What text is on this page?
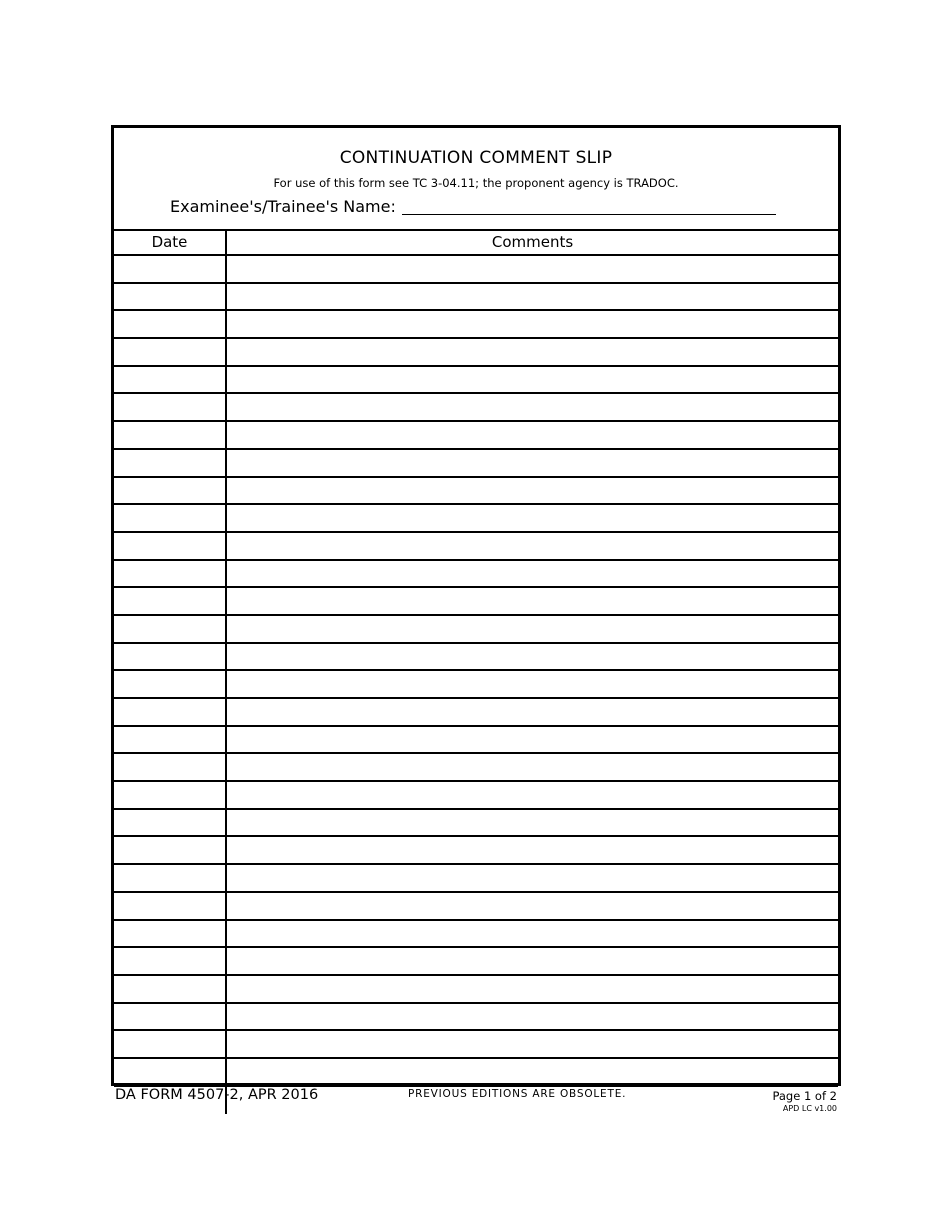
CONTINUATION COMMENT SLIP
For use of this form see TC 3-04.11; the proponent agency is TRADOC.
Examinee's/Trainee's Name:
Date	Comments
DA FORM 4507-2, APR 2016	PREVIOUS EDITIONS ARE OBSOLETE.	Page 1 of 2
APD LC v1.00
